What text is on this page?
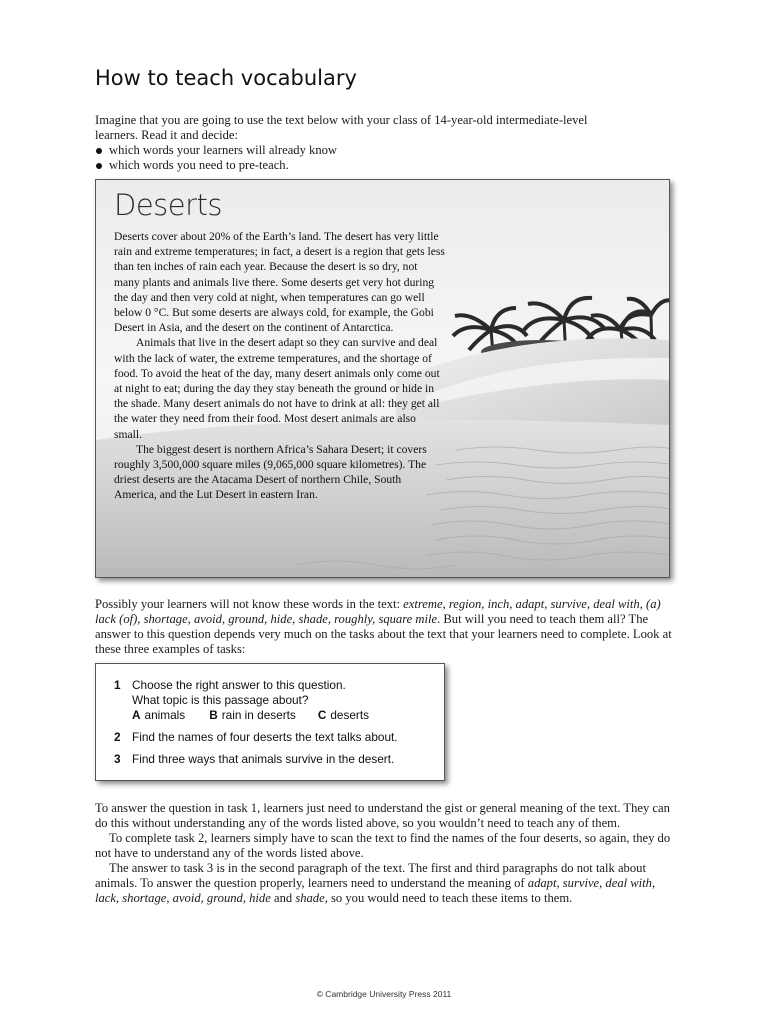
How to teach vocabulary

Imagine that you are going to use the text below with your class of 14-year-old intermediate-level
learners. Read it and decide:

which words your learners will already know
which words you need to pre-teach.
Deserts

Deserts cover about 20% of the Earth’s land. The desert has very little rain and extreme temperatures; in fact, a desert is a region that gets less than ten inches of rain each year. Because the desert is so dry, not many plants and animals live there. Some deserts get very hot during the day and then very cold at night, when temperatures can go well below 0 °C. But some deserts are always cold, for example, the Gobi Desert in Asia, and the desert on the continent of Antarctica.

Animals that live in the desert adapt so they can survive and deal with the lack of water, the extreme temperatures, and the shortage of food. To avoid the heat of the day, many desert animals only come out at night to eat; during the day they stay beneath the ground or hide in the shade. Many desert animals do not have to drink at all: they get all the water they need from their food. Most desert animals are also small.

The biggest desert is northern Africa’s Sahara Desert; it covers roughly 3,500,000 square miles (9,065,000 square kilometres). The driest deserts are the Atacama Desert of northern Chile, South America, and the Lut Desert in eastern Iran.

Possibly your learners will not know these words in the text: extreme, region, inch, adapt, survive, deal with, (a) lack (of), shortage, avoid, ground, hide, shade, roughly, square mile. But will you need to teach them all? The answer to this question depends very much on the tasks about the text that your learners need to complete. Look at these three examples of tasks:

1 Choose the right answer to this question.
What topic is this passage about?
A animals B rain in deserts C deserts
2 Find the names of four deserts the text talks about.
3 Find three ways that animals survive in the desert.
To answer the question in task 1, learners just need to understand the gist or general meaning of the text. They can do this without understanding any of the words listed above, so you wouldn’t need to teach any of them.
To complete task 2, learners simply have to scan the text to find the names of the four deserts, so again, they do not have to understand any of the words listed above.
The answer to task 3 is in the second paragraph of the text. The first and third paragraphs do not talk about animals. To answer the question properly, learners need to understand the meaning of adapt, survive, deal with, lack, shortage, avoid, ground, hide and shade, so you would need to teach these items to them.
© Cambridge University Press 2011
